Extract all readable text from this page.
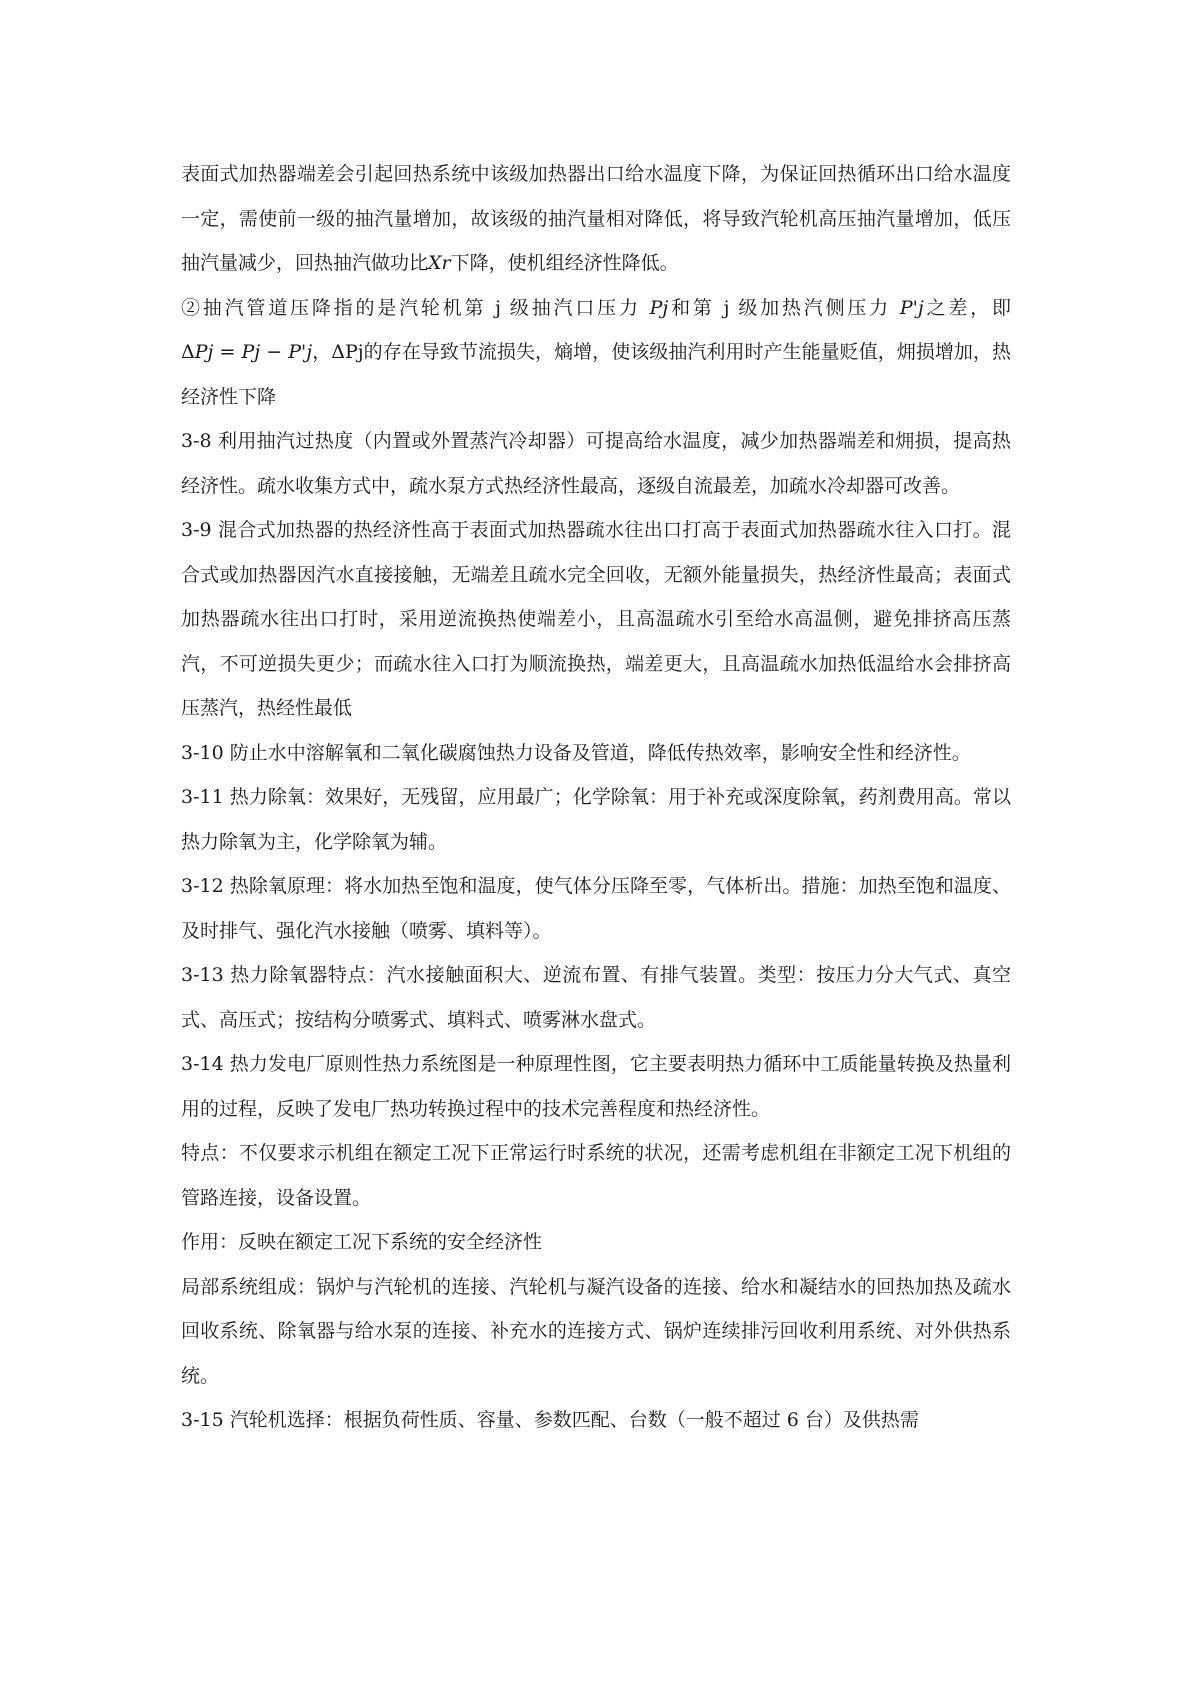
表面式加热器端差会引起回热系统中该级加热器出口给水温度下降，为保证回热循环出口给水温度一定，需使前一级的抽汽量增加，故该级的抽汽量相对降低，将导致汽轮机高压抽汽量增加，低压抽汽量减少，回热抽汽做功比Xr下降，使机组经济性降低。

②抽汽管道压降指的是汽轮机第 j 级抽汽口压力 Pj和第 j 级加热汽侧压力 P'j之差，即 ΔPj = Pj − P'j，ΔPj的存在导致节流损失，熵增，使该级抽汽利用时产生能量贬值，㶲损增加，热经济性下降

3-8 利用抽汽过热度（内置或外置蒸汽冷却器）可提高给水温度，减少加热器端差和㶲损，提高热经济性。疏水收集方式中，疏水泵方式热经济性最高，逐级自流最差，加疏水冷却器可改善。

3-9 混合式加热器的热经济性高于表面式加热器疏水往出口打高于表面式加热器疏水往入口打。混合式或加热器因汽水直接接触，无端差且疏水完全回收，无额外能量损失，热经济性最高；表面式加热器疏水往出口打时，采用逆流换热使端差小，且高温疏水引至给水高温侧，避免排挤高压蒸汽，不可逆损失更少；而疏水往入口打为顺流换热，端差更大，且高温疏水加热低温给水会排挤高压蒸汽，热经性最低

3-10 防止水中溶解氧和二氧化碳腐蚀热力设备及管道，降低传热效率，影响安全性和经济性。

3-11 热力除氧：效果好，无残留，应用最广；化学除氧：用于补充或深度除氧，药剂费用高。常以热力除氧为主，化学除氧为辅。

3-12 热除氧原理：将水加热至饱和温度，使气体分压降至零，气体析出。措施：加热至饱和温度、及时排气、强化汽水接触（喷雾、填料等）。

3-13 热力除氧器特点：汽水接触面积大、逆流布置、有排气装置。类型：按压力分大气式、真空式、高压式；按结构分喷雾式、填料式、喷雾淋水盘式。

3-14 热力发电厂原则性热力系统图是一种原理性图，它主要表明热力循环中工质能量转换及热量利用的过程，反映了发电厂热功转换过程中的技术完善程度和热经济性。

特点：不仅要求示机组在额定工况下正常运行时系统的状况，还需考虑机组在非额定工况下机组的管路连接，设备设置。

作用：反映在额定工况下系统的安全经济性

局部系统组成：锅炉与汽轮机的连接、汽轮机与凝汽设备的连接、给水和凝结水的回热加热及疏水回收系统、除氧器与给水泵的连接、补充水的连接方式、锅炉连续排污回收利用系统、对外供热系统。

3-15 汽轮机选择：根据负荷性质、容量、参数匹配、台数（一般不超过 6 台）及供热需
